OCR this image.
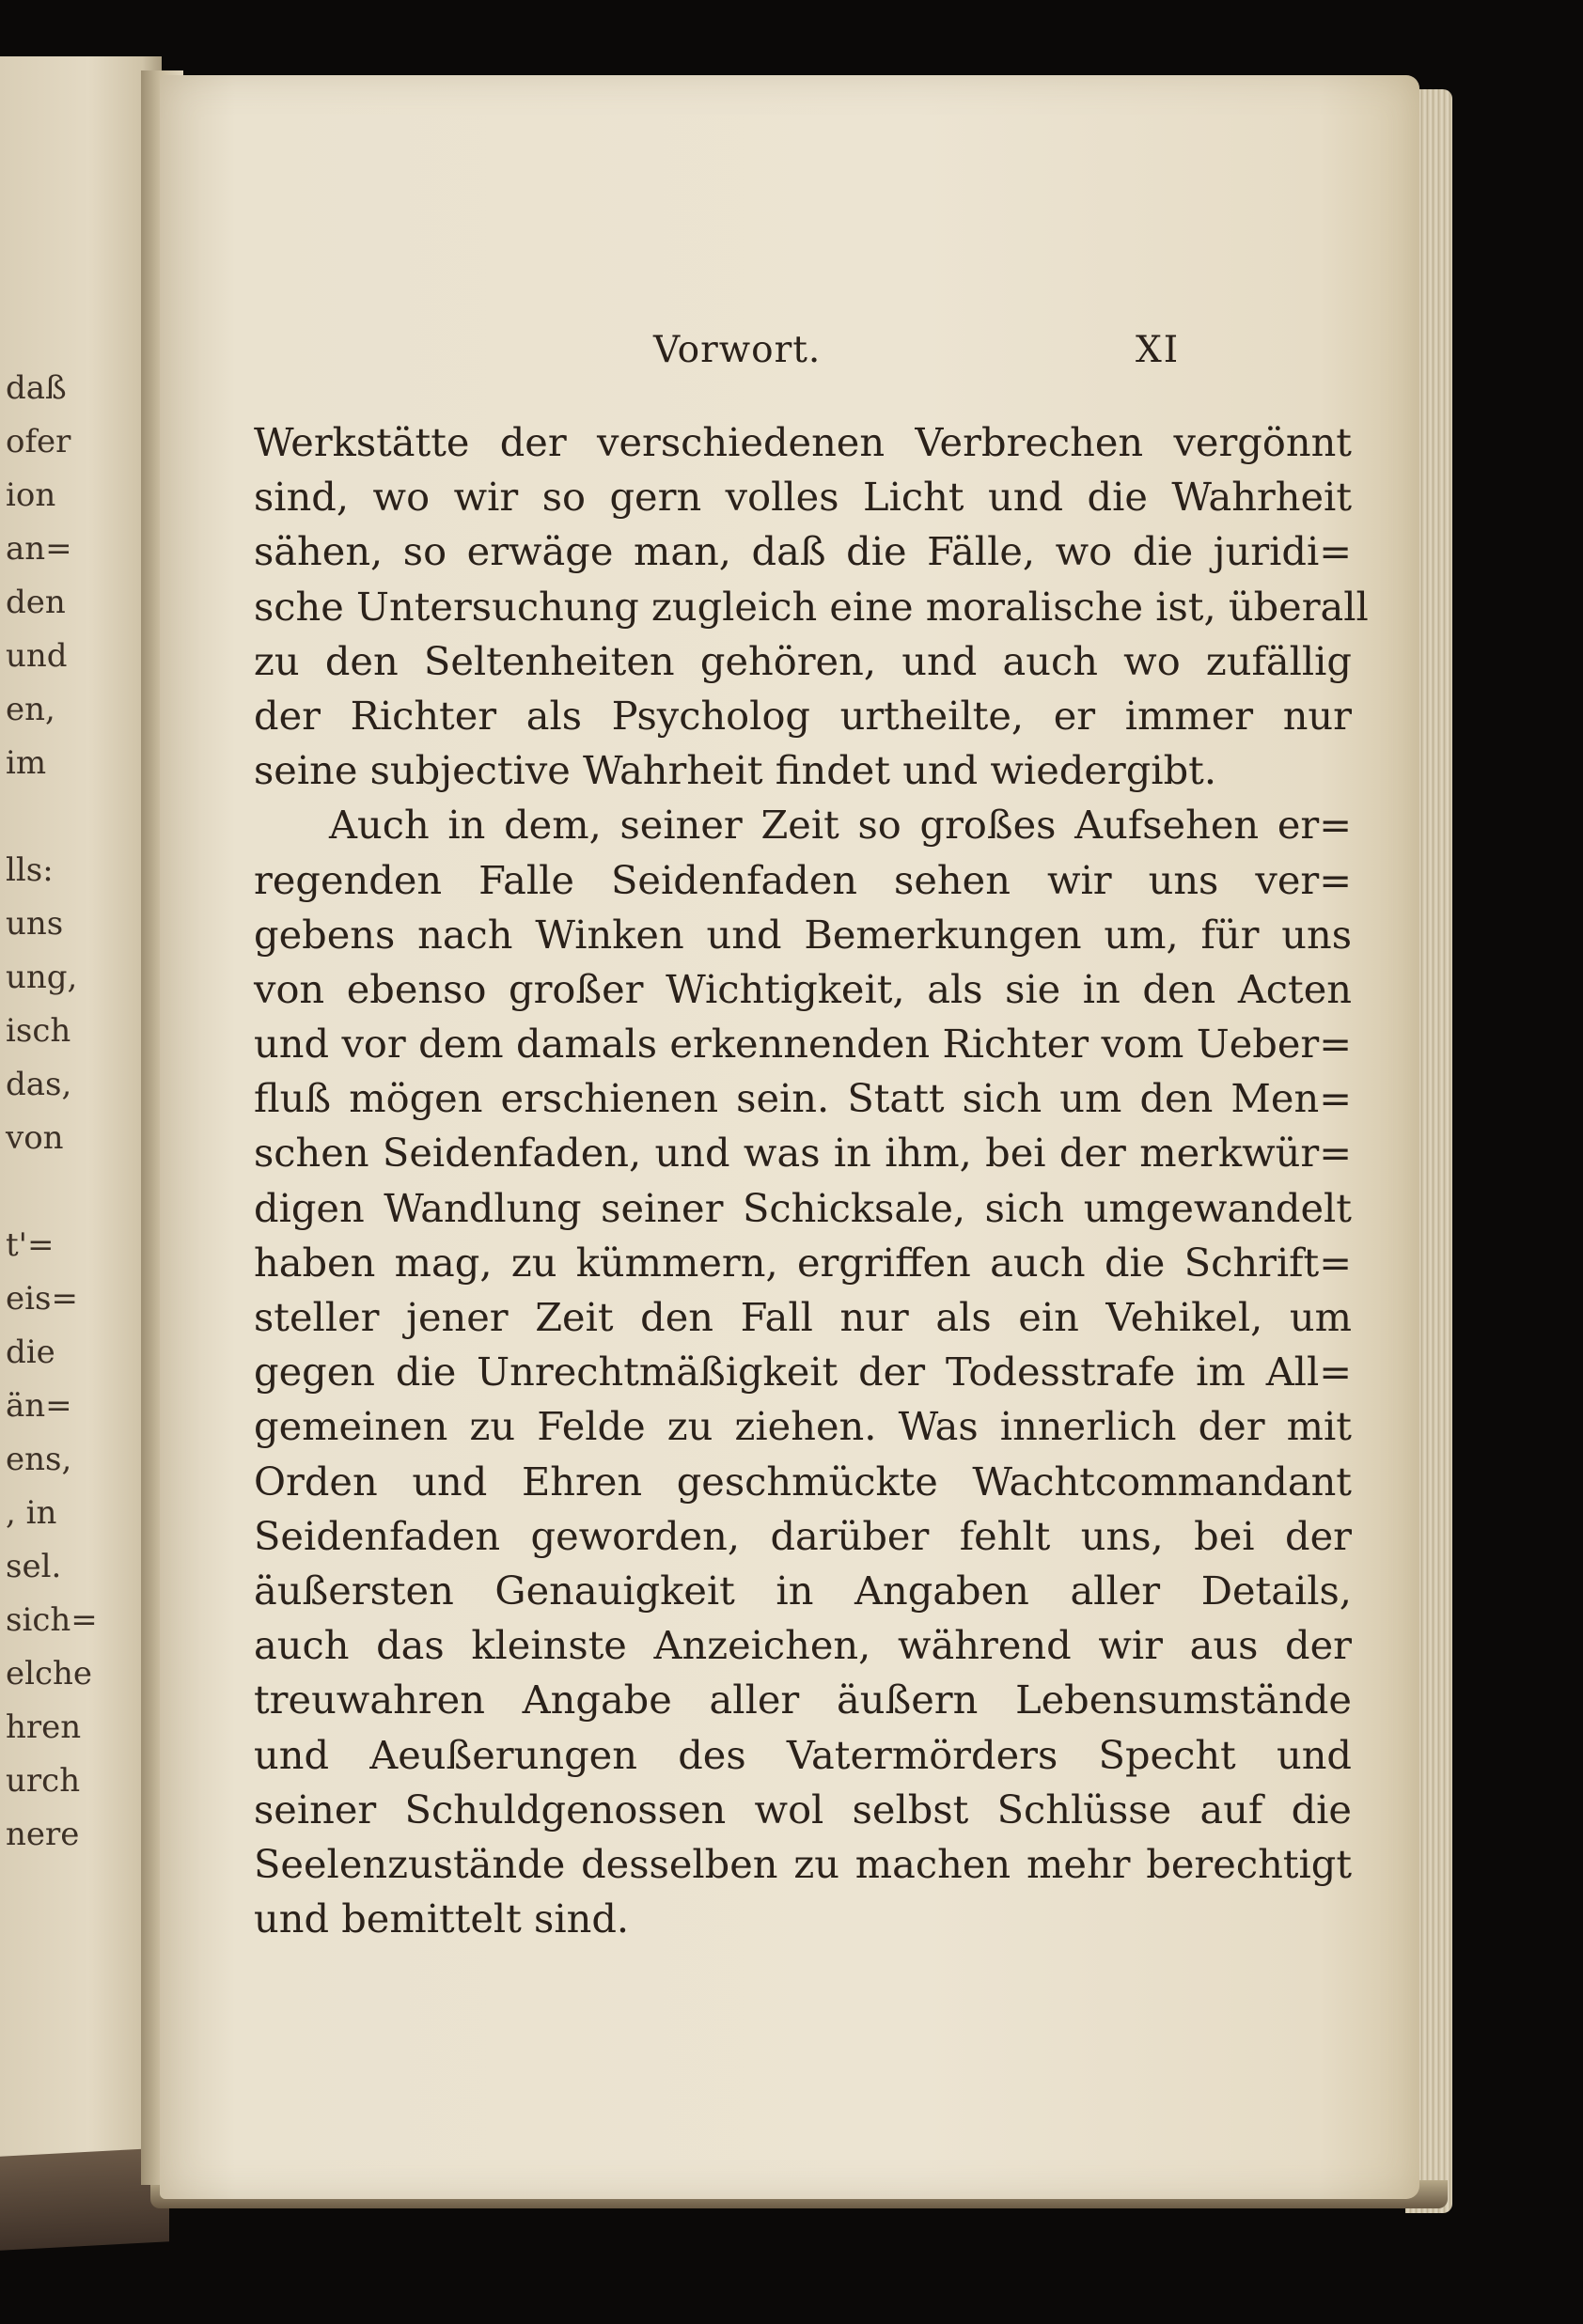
daß
ofer
ion
an=
den
und
en,
im
lls:
uns
ung,
isch
das,
von
t'=
eis=
die
än=
ens,
, in
sel.
sich=
elche
hren
urch
nere
Vorwort.	XI
Werkstätte der verschiedenen Verbrechen vergönnt
sind, wo wir so gern volles Licht und die Wahrheit
sähen, so erwäge man, daß die Fälle, wo die juridi=
sche Untersuchung zugleich eine moralische ist, überall
zu den Seltenheiten gehören, und auch wo zufällig
der Richter als Psycholog urtheilte, er immer nur
seine subjective Wahrheit findet und wiedergibt.
Auch in dem, seiner Zeit so großes Aufsehen er=
regenden Falle Seidenfaden sehen wir uns ver=
gebens nach Winken und Bemerkungen um, für uns
von ebenso großer Wichtigkeit, als sie in den Acten
und vor dem damals erkennenden Richter vom Ueber=
fluß mögen erschienen sein. Statt sich um den Men=
schen Seidenfaden, und was in ihm, bei der merkwür=
digen Wandlung seiner Schicksale, sich umgewandelt
haben mag, zu kümmern, ergriffen auch die Schrift=
steller jener Zeit den Fall nur als ein Vehikel, um
gegen die Unrechtmäßigkeit der Todesstrafe im All=
gemeinen zu Felde zu ziehen. Was innerlich der mit
Orden und Ehren geschmückte Wachtcommandant
Seidenfaden geworden, darüber fehlt uns, bei der
äußersten Genauigkeit in Angaben aller Details,
auch das kleinste Anzeichen, während wir aus der
treuwahren Angabe aller äußern Lebensumstände
und Aeußerungen des Vatermörders Specht und
seiner Schuldgenossen wol selbst Schlüsse auf die
Seelenzustände desselben zu machen mehr berechtigt
und bemittelt sind.
